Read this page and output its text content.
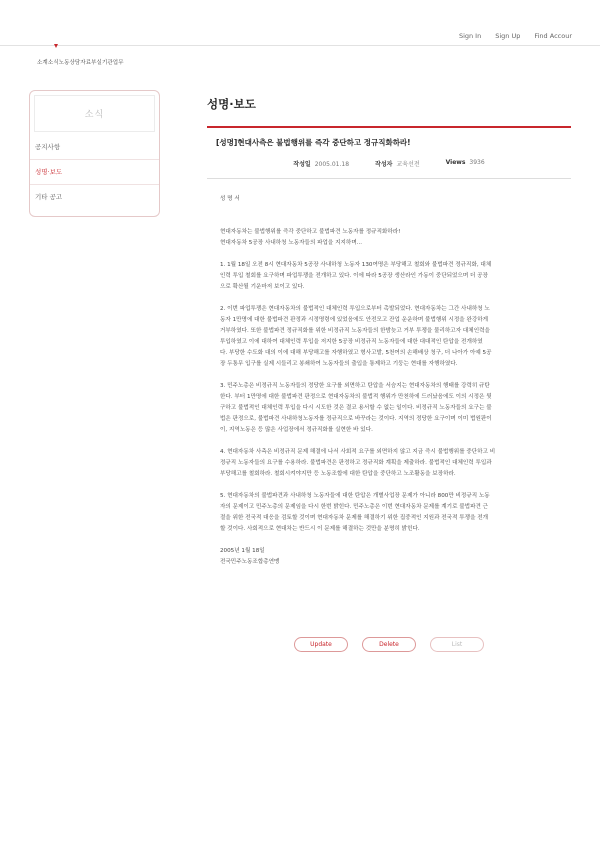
Sign In Sign Up Find Accour
소계소식노동상담자료부실기관업무
소식
공지사항
성명·보도
기타 공고
성명·보도
[성명]현대사측은 불법행위를 즉각 중단하고 정규직화하라!
작성일 2005.01.18	작성자 교육선전	Views 3936

성 명 서

현대자동차는 불법행위를 즉각 중단하고 불법파견 노동자를 정규직화하라!

현대자동차 5공장 사내하청 노동자들의 파업을 지지하며...

1. 1월 18일 오전 8시 현대자동차 5공장 사내하청 노동자 130여명은 부당해고 철회와 불법파견 정규직화, 대체

인력 투입 철회를 요구하며 파업투쟁을 전개하고 있다. 이에 따라 5공장 생산라인 가동이 중단되었으며 더 공장

으로 확산될 기운마저 보이고 있다.

2. 이번 파업투쟁은 현대자동차의 불법적인 대체인력 투입으로부터 촉발되었다. 현대자동차는 그간 사내하청 노

동자 1만명에 대한 불법파견 판정과 시정명령에 있었음에도 안전모고 잔업 운운하며 불법행위 시정을 완강하게

거부하였다. 또한 불법파견 정규직화를 위한 비정규직 노동자들의 한밤늦고 거부 투쟁을 물리하고자 대체인력을

투입하였고 이에 대하여 대체인력 투입을 저지한 5공장 비정규직 노동자들에 대한 대대적인 탄압을 전개하였

다. 부당한 수도화 대의 이에 대해 부당해고를 자행하였고 형사고발, 5천여의 손해배상 청구, 더 나아가 아예 5공

장 두통무 입구를 실제 시들리고 봉쇄하여 노동자들의 출입을 통제하고 기둥는 현대를 자행하였다.

3. 민주노총은 비정규직 노동자들의 정당한 요구를 외면하고 탄압을 서슴지는 현대자동차의 행태를 강력히 규탄

한다. 부터 1만명에 대한 불법파견 판정으로 현대자동차의 불법적 행위가 만천하에 드러났음에도 이의 시정은 뒷

구하고 불법적인 대체인력 투입을 다시 시도한 것은 결코 용서할 수 없는 일이다. 비정규직 노동자들의 요구는 불

법은 판정으로, 불법파견 사내하청노동자를 정규직으로 바꾸라는 것이다. 지역의 정당한 요구이며 이미 법원판이

이, 지역노동은 등 많은 사업장에서 정규직화를 실현한 바 있다.

4. 현대자동차 사측은 비정규직 문제 해결에 나서 사회적 요구를 외면하지 않고 지금 즉시 불법행위를 중단하고 비

정규직 노동자들의 요구를 수용하라. 불법파견은 판정하고 정규직화 계획을 제출하라. 불법적인 대체인력 투입과

부당해고를 철회하라. 철회시켜야지만 등 노동조합에 대한 탄압을 중단하고 노조활동을 보장하라.

5. 현대자동차의 불법파견과 사내하청 노동자들에 대한 탄압은 개별사업장 문제가 아니라 800만 비정규직 노동

자의 문제이고 민주노총의 문제임을 다시 한번 밝힌다. 민주노총은 이번 현대자동차 문제를 계기로 불법파견 근

절을 위한 전국적 대응을 검토할 것이며 현대자동차 문제를 해결하기 위한 집중적인 지원과 전국적 투쟁을 전개

할 것이다. 사회적으로 현대차는 반드시 이 문제를 해결하는 것만을 분명히 밝힌다.

2005년 1월 18일

전국민주노동조합총연맹

Update	Delete	List
